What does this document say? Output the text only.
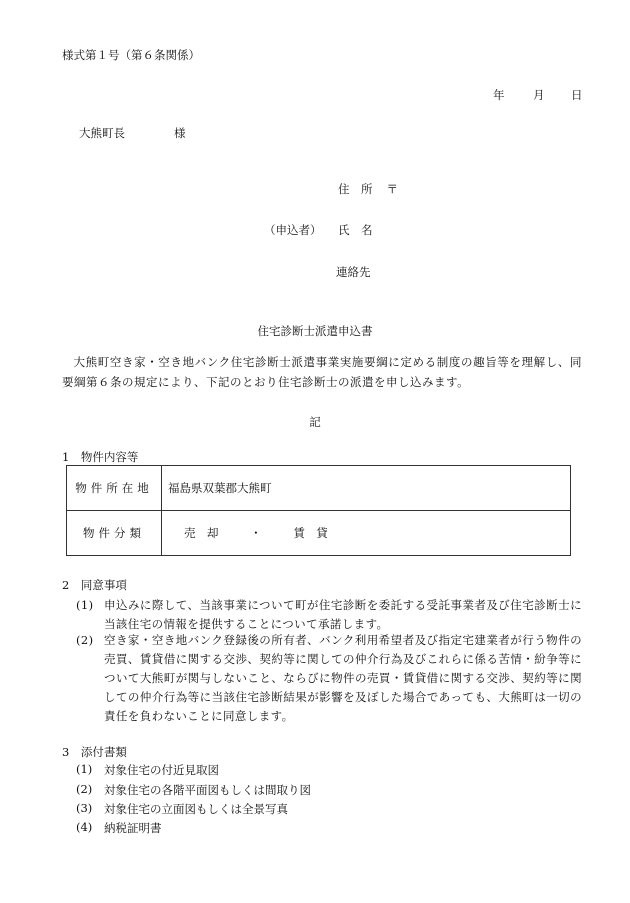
様式第１号（第６条関係）
年 月 日
大熊町長	様
住　所 〒
（申込者） 氏　名
連絡先
住宅診断士派遣申込書
大熊町空き家・空き地バンク住宅診断士派遣事業実施要綱に定める制度の趣旨等を理解し、同要綱第６条の規定により、下記のとおり住宅診断士の派遣を申し込みます。
記
1　物件内容等
物件所在地	福島県双葉郡大熊町
物件分類	売　却 ・ 賃　貸
2　同意事項
(1) 申込みに際して、当該事業について町が住宅診断を委託する受託事業者及び住宅診断士に当該住宅の情報を提供することについて承諾します。
(2) 空き家・空き地バンク登録後の所有者、バンク利用希望者及び指定宅建業者が行う物件の売買、賃貸借に関する交渉、契約等に関しての仲介行為及びこれらに係る苦情・紛争等について大熊町が関与しないこと、ならびに物件の売買・賃貸借に関する交渉、契約等に関しての仲介行為等に当該住宅診断結果が影響を及ぼした場合であっても、大熊町は一切の責任を負わないことに同意します。
3　添付書類
(1) 対象住宅の付近見取図
(2) 対象住宅の各階平面図もしくは間取り図
(3) 対象住宅の立面図もしくは全景写真
(4) 納税証明書
